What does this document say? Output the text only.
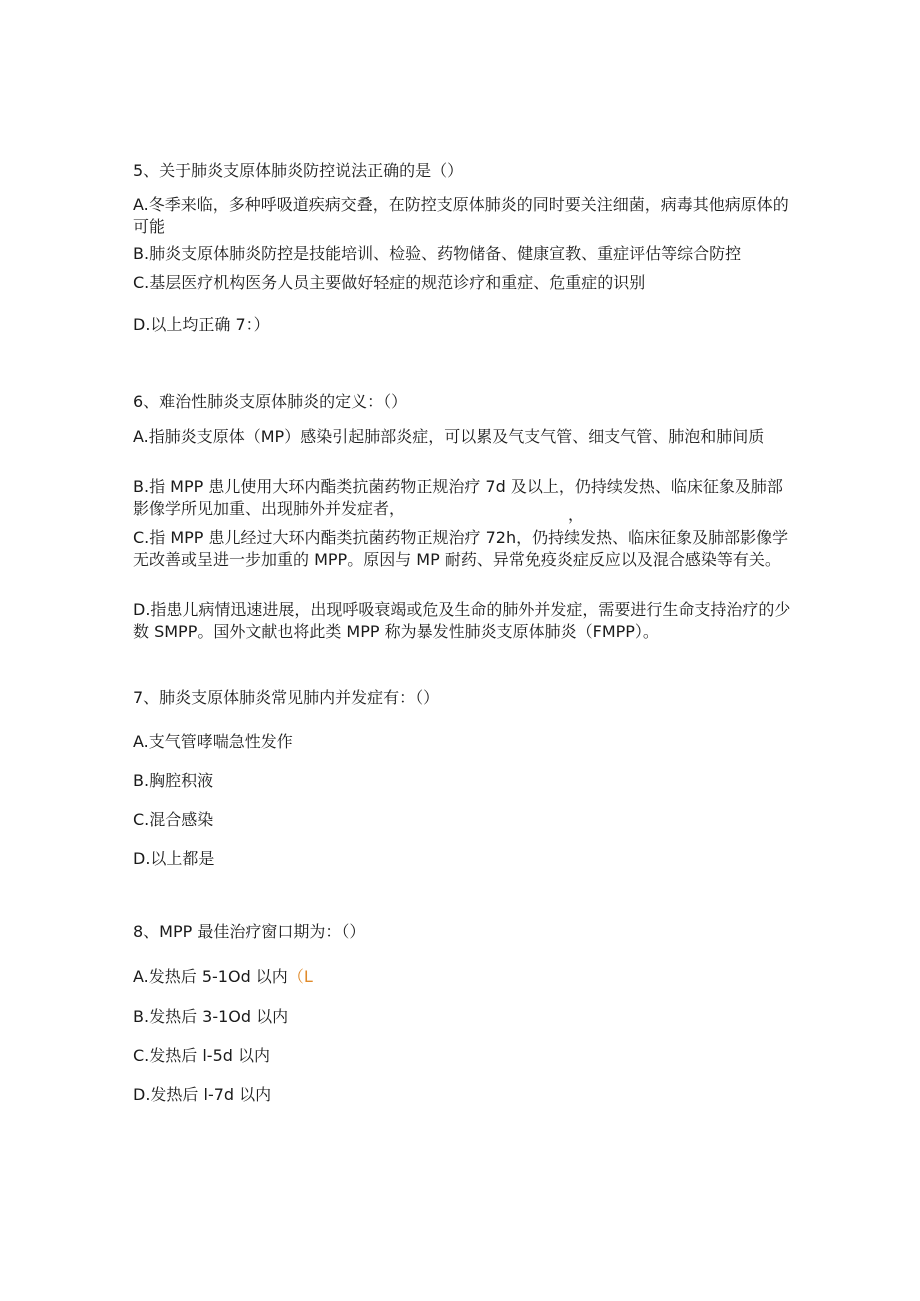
5、关于肺炎支原体肺炎防控说法正确的是（）
A.冬季来临，多种呼吸道疾病交叠，在防控支原体肺炎的同时要关注细菌，病毒其他病原体的可能
B.肺炎支原体肺炎防控是技能培训、检验、药物储备、健康宣教、重症评估等综合防控
C.基层医疗机构医务人员主要做好轻症的规范诊疗和重症、危重症的识别
D.以上均正确 7：）
6、难治性肺炎支原体肺炎的定义：（）
A.指肺炎支原体（MP）感染引起肺部炎症，可以累及气支气管、细支气管、肺泡和肺间质
B.指 MPP 患儿使用大环内酯类抗菌药物正规治疗 7d 及以上，仍持续发热、临床征象及肺部影像学所见加重、出现肺外并发症者，	，
C.指 MPP 患儿经过大环内酯类抗菌药物正规治疗 72h，仍持续发热、临床征象及肺部影像学无改善或呈进一步加重的 MPP。原因与 MP 耐药、异常免疫炎症反应以及混合感染等有关。
D.指患儿病情迅速进展，出现呼吸衰竭或危及生命的肺外并发症，需要进行生命支持治疗的少数 SMPP。国外文献也将此类 MPP 称为暴发性肺炎支原体肺炎（FMPP）。
7、肺炎支原体肺炎常见肺内并发症有：（）
A.支气管哮喘急性发作
B.胸腔积液
C.混合感染
D.以上都是
8、MPP 最佳治疗窗口期为：（）
A.发热后 5-1Od 以内（L
B.发热后 3-1Od 以内
C.发热后 l-5d 以内
D.发热后 l-7d 以内
